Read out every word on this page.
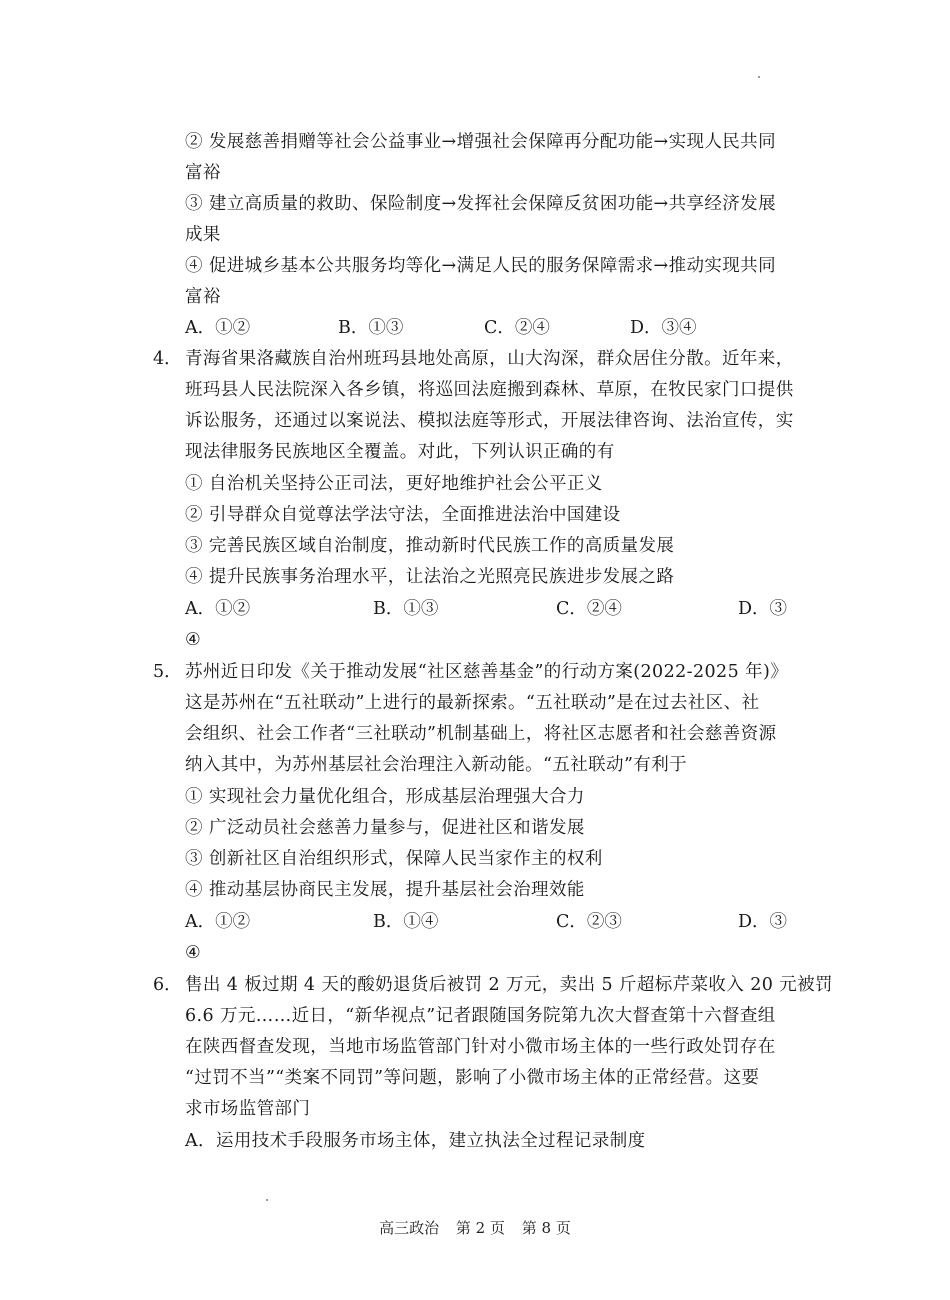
② 发展慈善捐赠等社会公益事业→增强社会保障再分配功能→实现人民共同
富裕
③ 建立高质量的救助、保险制度→发挥社会保障反贫困功能→共享经济发展
成果
④ 促进城乡基本公共服务均等化→满足人民的服务保障需求→推动实现共同
富裕
A．①②	B．①③	C．②④	D．③④
4． 青海省果洛藏族自治州班玛县地处高原，山大沟深，群众居住分散。近年来，
班玛县人民法院深入各乡镇，将巡回法庭搬到森林、草原，在牧民家门口提供
诉讼服务，还通过以案说法、模拟法庭等形式，开展法律咨询、法治宣传，实
现法律服务民族地区全覆盖。对此，下列认识正确的有
① 自治机关坚持公正司法，更好地维护社会公平正义
② 引导群众自觉尊法学法守法，全面推进法治中国建设
③ 完善民族区域自治制度，推动新时代民族工作的高质量发展
④ 提升民族事务治理水平，让法治之光照亮民族进步发展之路
A．①②	B．①③	C．②④	D．③
④
5． 苏州近日印发《关于推动发展“社区慈善基金”的行动方案(2022-2025 年)》
这是苏州在“五社联动”上进行的最新探索。“五社联动”是在过去社区、社
会组织、社会工作者“三社联动”机制基础上，将社区志愿者和社会慈善资源
纳入其中，为苏州基层社会治理注入新动能。“五社联动”有利于
① 实现社会力量优化组合，形成基层治理强大合力
② 广泛动员社会慈善力量参与，促进社区和谐发展
③ 创新社区自治组织形式，保障人民当家作主的权利
④ 推动基层协商民主发展，提升基层社会治理效能
A．①②	B．①④	C．②③	D．③
④
6． 售出 4 板过期 4 天的酸奶退货后被罚 2 万元，卖出 5 斤超标芹菜收入 20 元被罚
6.6 万元……近日，“新华视点”记者跟随国务院第九次大督查第十六督查组
在陕西督查发现，当地市场监管部门针对小微市场主体的一些行政处罚存在
“过罚不当”“类案不同罚”等问题，影响了小微市场主体的正常经营。这要
求市场监管部门
A．运用技术手段服务市场主体，建立执法全过程记录制度
高三政治 第 2 页 第 8 页
